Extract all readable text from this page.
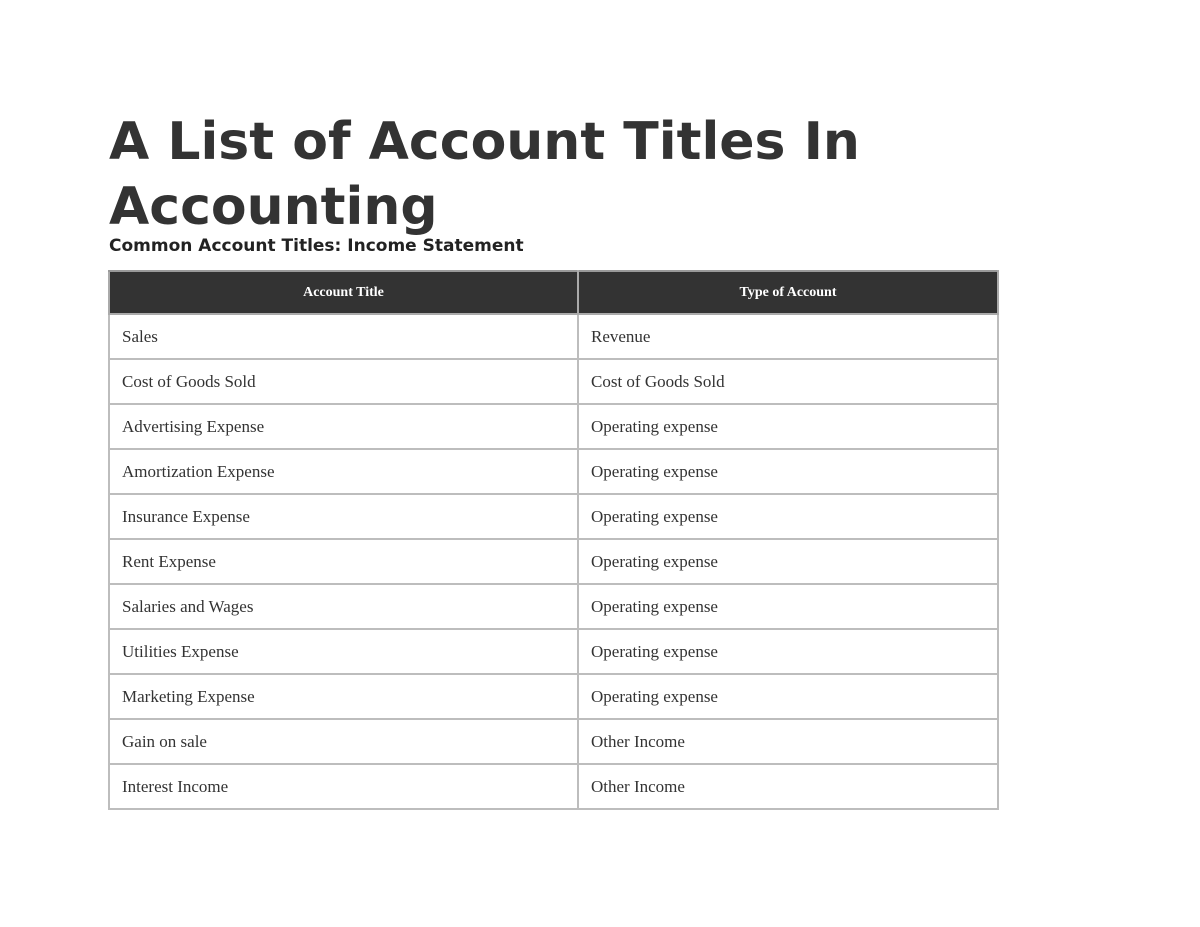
A List of Account Titles In Accounting
Common Account Titles: Income Statement
Account Title	Type of Account
Sales	Revenue
Cost of Goods Sold	Cost of Goods Sold
Advertising Expense	Operating expense
Amortization Expense	Operating expense
Insurance Expense	Operating expense
Rent Expense	Operating expense
Salaries and Wages	Operating expense
Utilities Expense	Operating expense
Marketing Expense	Operating expense
Gain on sale	Other Income
Interest Income	Other Income
